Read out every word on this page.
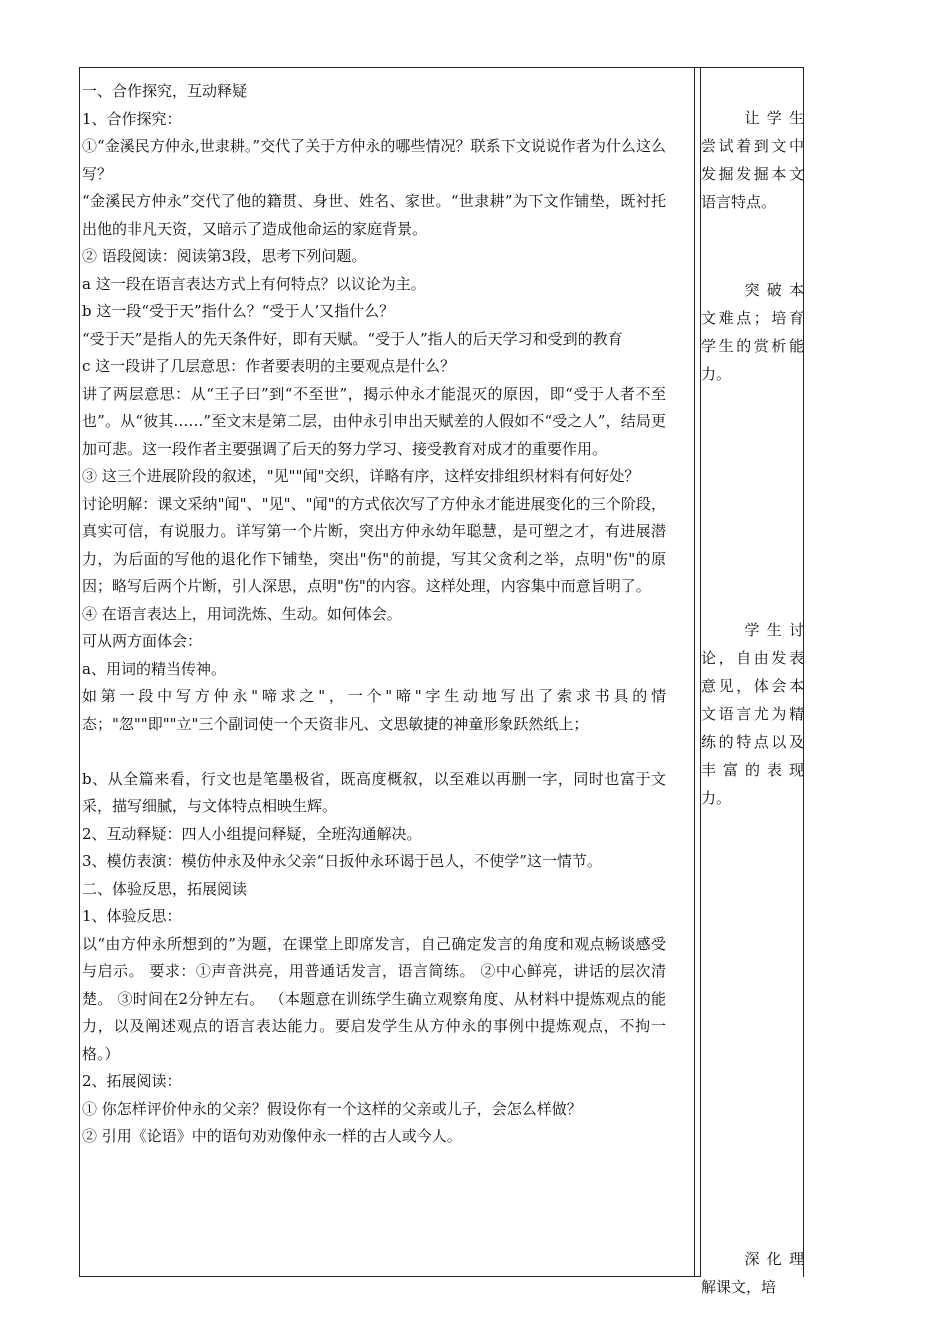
一、合作探究，互动释疑

1、合作探究：

①“金溪民方仲永,世隶耕。”交代了关于方仲永的哪些情况？联系下文说说作者为什么这么写？

“金溪民方仲永”交代了他的籍贯、身世、姓名、家世。“世隶耕”为下文作铺垫，既衬托出他的非凡天资，又暗示了造成他命运的家庭背景。

② 语段阅读：阅读第3段，思考下列问题。

a 这一段在语言表达方式上有何特点？以议论为主。

b 这一段“受于天”指什么？“受于人’又指什么？

“受于天”是指人的先天条件好，即有天赋。“受于人”指人的后天学习和受到的教育

c 这一段讲了几层意思：作者要表明的主要观点是什么？

讲了两层意思：从“王子曰”到“不至世”，揭示仲永才能混灭的原因，即“受于人者不至也”。从“彼其……”至文末是第二层，由仲永引申出天赋差的人假如不“受之人”，结局更加可悲。这一段作者主要强调了后天的努力学习、接受教育对成才的重要作用。

③ 这三个进展阶段的叙述，"见""闻"交织，详略有序，这样安排组织材料有何好处？

讨论明解：课文采纳"闻"、"见"、"闻"的方式依次写了方仲永才能进展变化的三个阶段，真实可信，有说服力。详写第一个片断，突出方仲永幼年聪慧，是可塑之才，有进展潜力，为后面的写他的退化作下铺垫，突出"伤"的前提，写其父贪利之举，点明"伤"的原因；略写后两个片断，引人深思，点明"伤"的内容。这样处理，内容集中而意旨明了。

④ 在语言表达上，用词洗炼、生动。如何体会。

可从两方面体会：

a、用词的精当传神。

如第一段中写方仲永"啼求之"，一个"啼"字生动地写出了索求书具的情态；"忽""即""立"三个副词使一个天资非凡、文思敏捷的神童形象跃然纸上；

b、从全篇来看，行文也是笔墨极省，既高度概叙，以至难以再删一字，同时也富于文采，描写细腻，与文体特点相映生辉。

2、互动释疑：四人小组提问释疑，全班沟通解决。

3、模仿表演：模仿仲永及仲永父亲“日扳仲永环谒于邑人，不使学”这一情节。

二、体验反思，拓展阅读

1、体验反思：

以“由方仲永所想到的”为题，在课堂上即席发言，自己确定发言的角度和观点畅谈感受与启示。 要求：①声音洪亮，用普通话发言，语言简练。 ②中心鲜亮，讲话的层次清楚。 ③时间在2分钟左右。 （本题意在训练学生确立观察角度、从材料中提炼观点的能力，以及阐述观点的语言表达能力。要启发学生从方仲永的事例中提炼观点，不拘一格。）

2、拓展阅读：

① 你怎样评价仲永的父亲？假设你有一个这样的父亲或儿子，会怎么样做？

② 引用《论语》中的语句劝劝像仲永一样的古人或今人。

让学生尝试着到文中发掘发掘本文语言特点。

突破本文难点；培育学生的赏析能力。

学生讨论，自由发表意见，体会本文语言尤为精练的特点以及丰富的表现力。

深化理解课文，培
